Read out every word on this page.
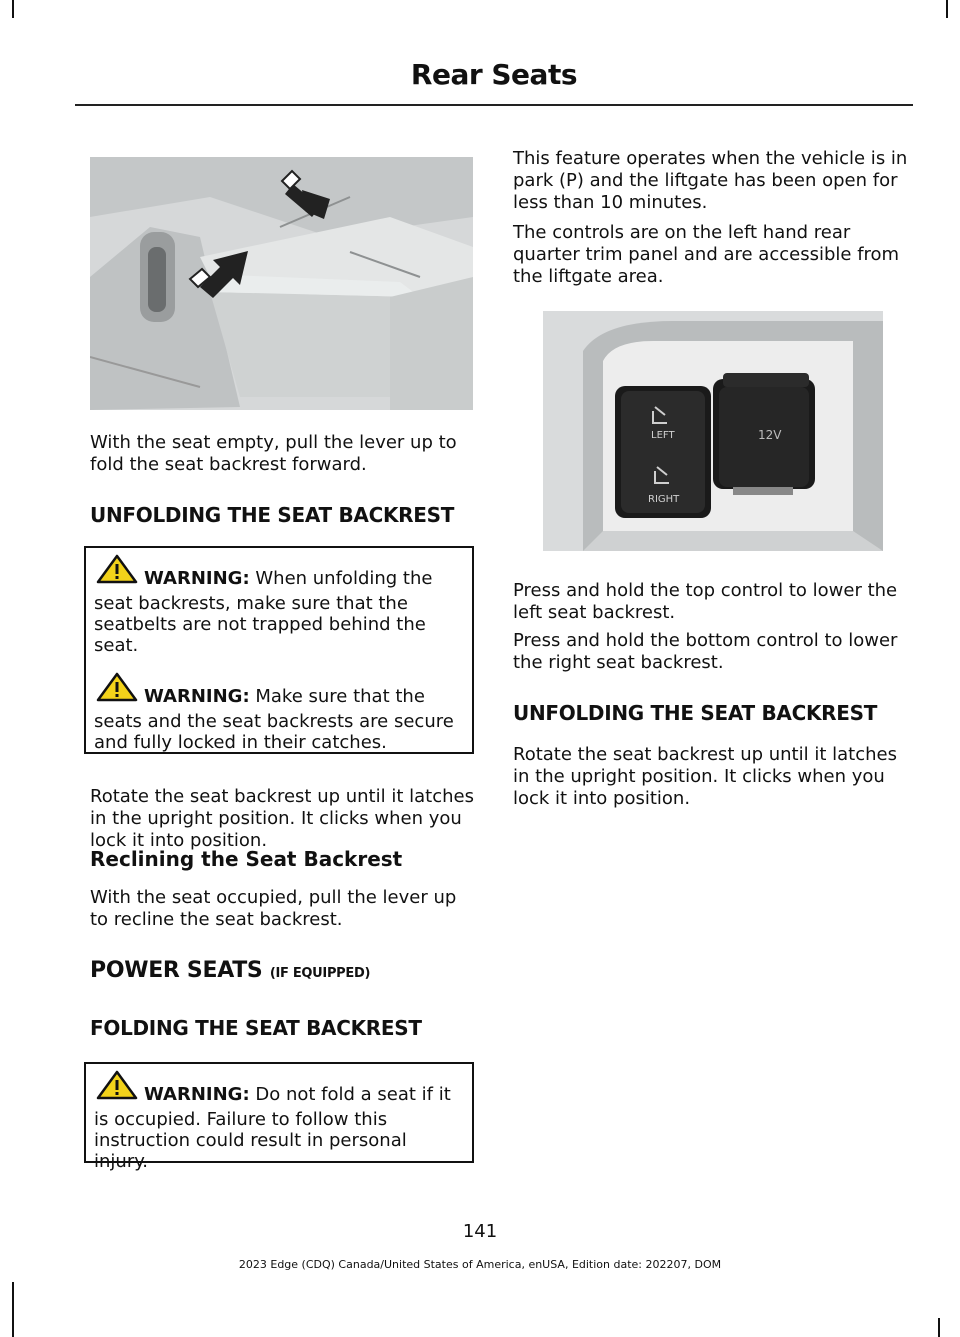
Rear Seats

With the seat empty, pull the lever up to fold the seat backrest forward.

UNFOLDING THE SEAT BACKREST

WARNING: When unfolding the seat backrests, make sure that the seatbelts are not trapped behind the seat.

WARNING: Make sure that the seats and the seat backrests are secure and fully locked in their catches.

Rotate the seat backrest up until it latches in the upright position. It clicks when you lock it into position.

Reclining the Seat Backrest

With the seat occupied, pull the lever up to recline the seat backrest.

POWER SEATS (IF EQUIPPED)
FOLDING THE SEAT BACKREST

WARNING: Do not fold a seat if it is occupied. Failure to follow this instruction could result in personal injury.

This feature operates when the vehicle is in park (P) and the liftgate has been open for less than 10 minutes.

The controls are on the left hand rear quarter trim panel and are accessible from the liftgate area.

LEFT
RIGHT
12V

Press and hold the top control to lower the left seat backrest.

Press and hold the bottom control to lower the right seat backrest.

UNFOLDING THE SEAT BACKREST

Rotate the seat backrest up until it latches in the upright position. It clicks when you lock it into position.

141
2023 Edge (CDQ) Canada/United States of America, enUSA, Edition date: 202207, DOM
